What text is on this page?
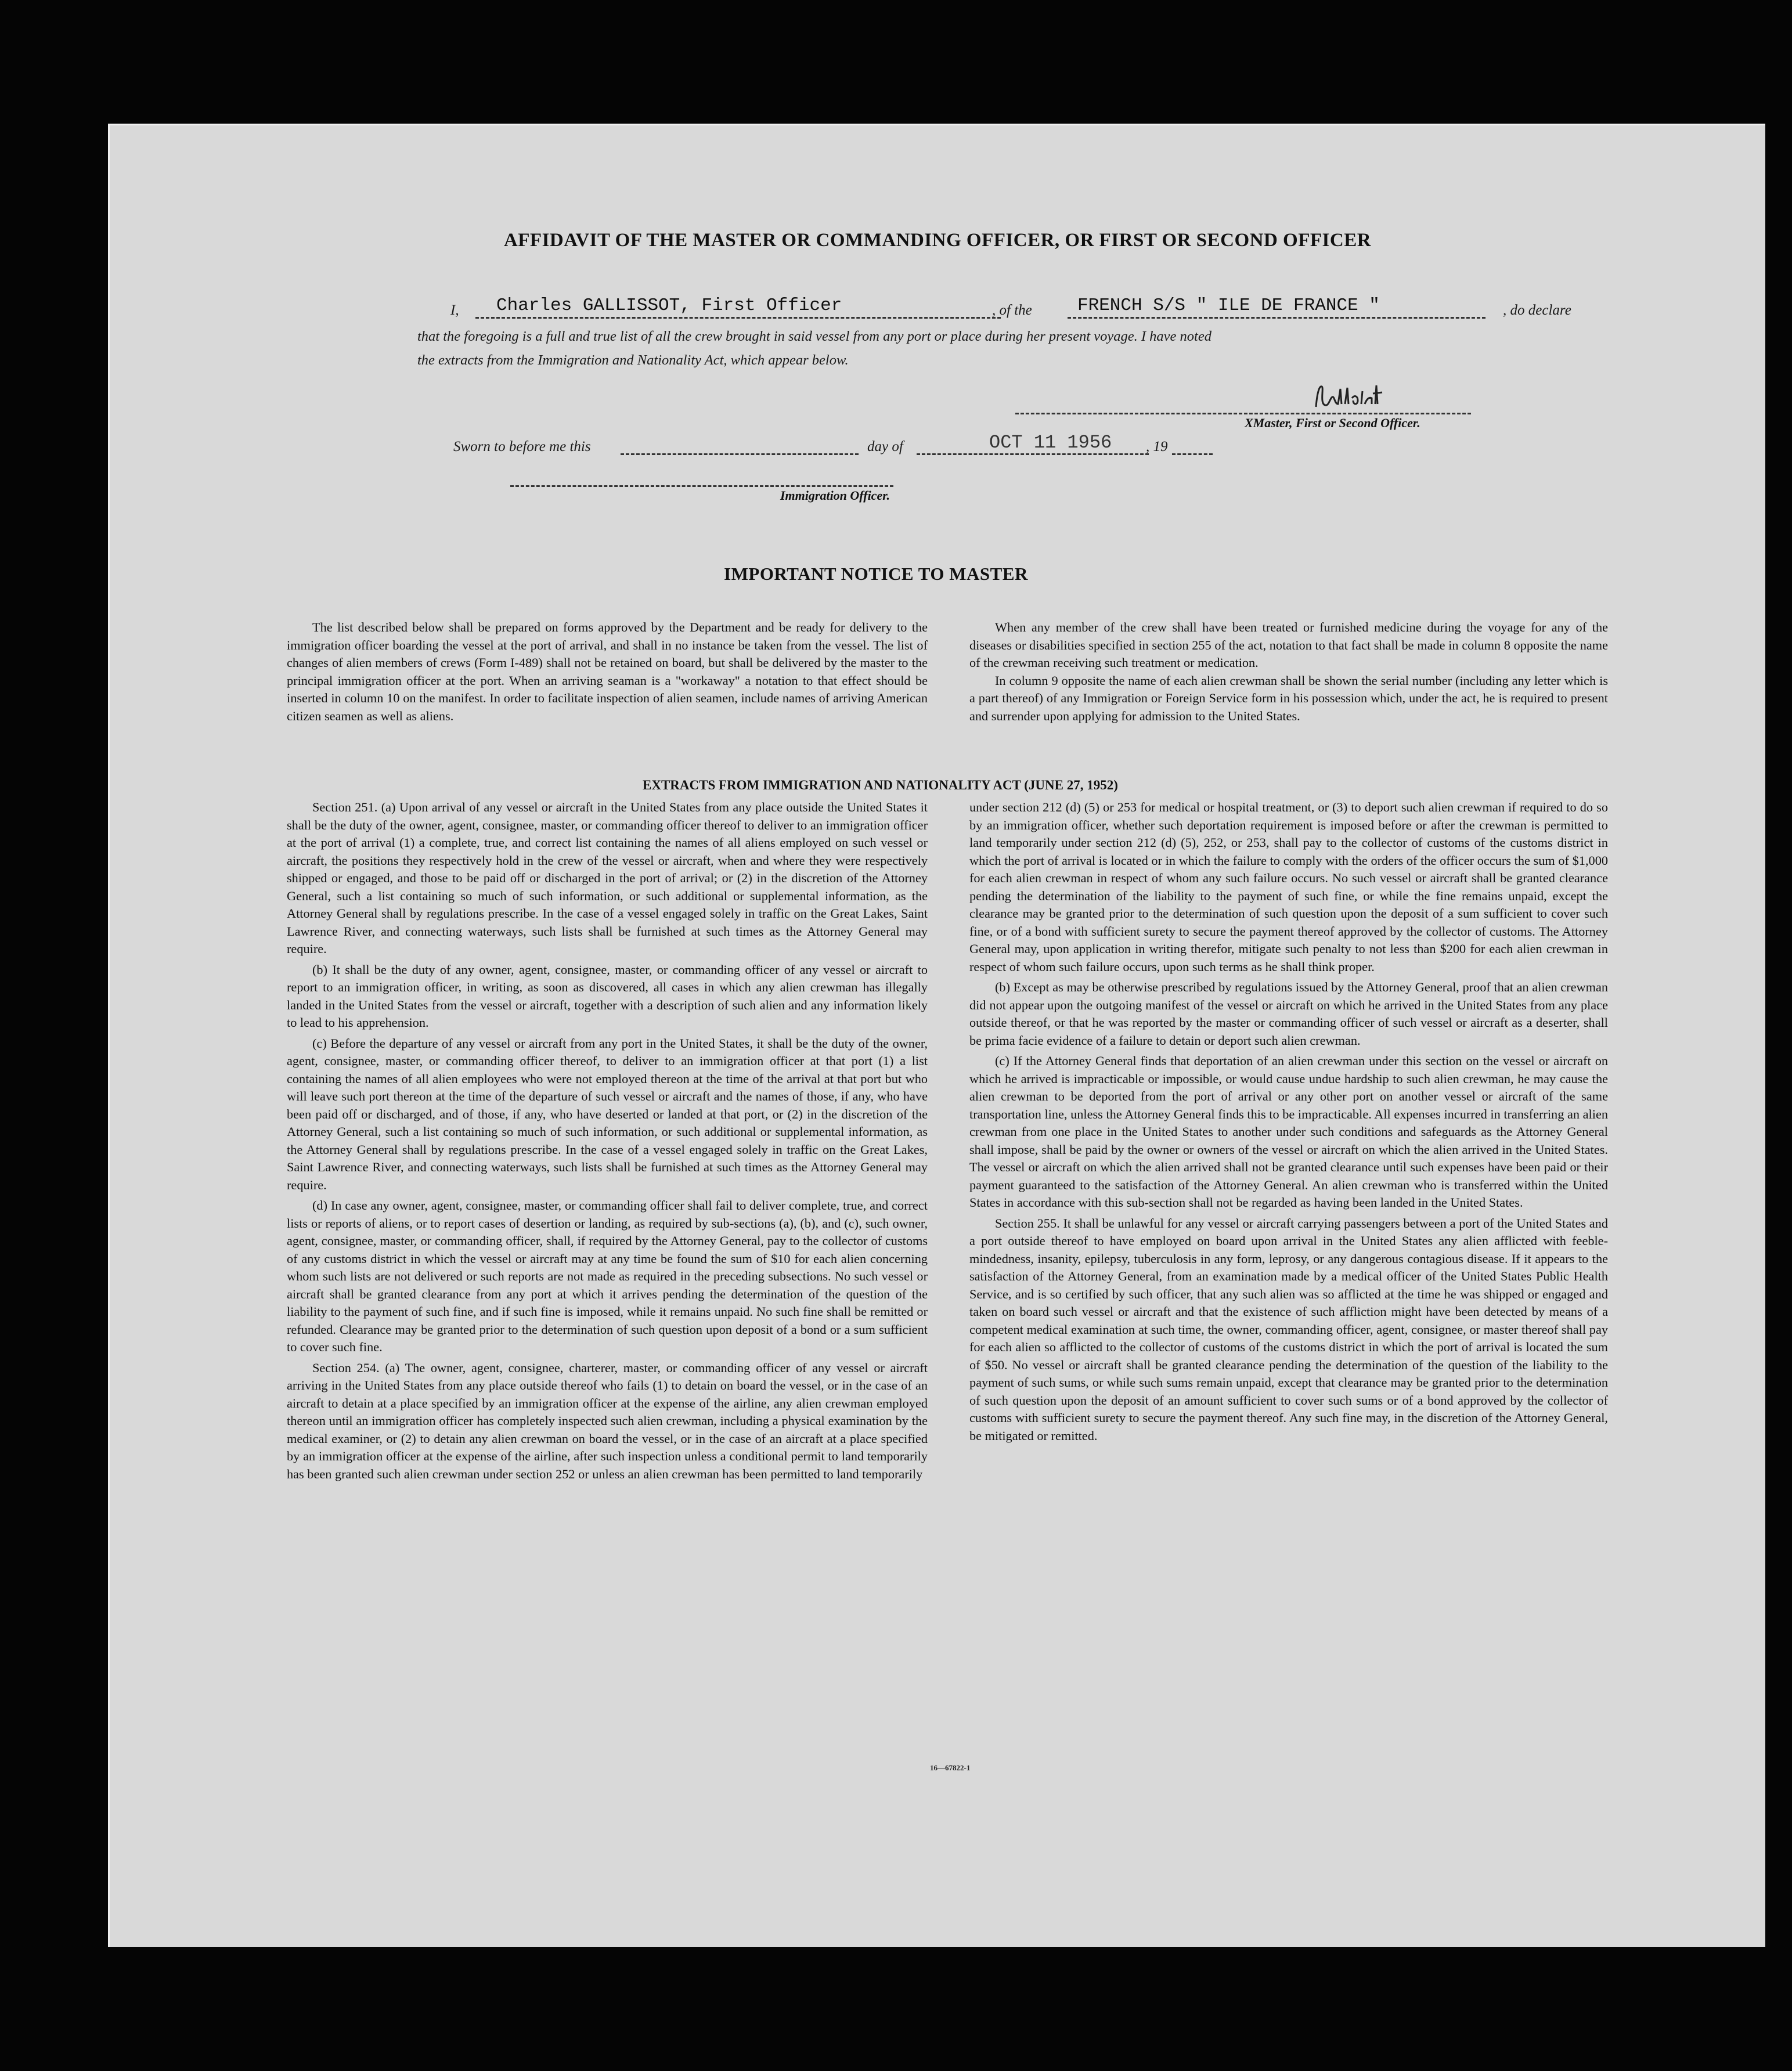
AFFIDAVIT OF THE MASTER OR COMMANDING OFFICER, OR FIRST OR SECOND OFFICER
I, Charles GALLISSOT, First Officer	, of the	FRENCH S/S " ILE DE FRANCE "	, do declare
that the foregoing is a full and true list of all the crew brought in said vessel from any port or place during her present voyage. I have noted
the extracts from the Immigration and Nationality Act, which appear below.
XMaster, First or Second Officer.
Sworn to before me this	day of	OCT 11 1956 , 19
Immigration Officer.
IMPORTANT NOTICE TO MASTER

The list described below shall be prepared on forms approved by the Department and be ready for delivery to the immigration officer boarding the vessel at the port of arrival, and shall in no instance be taken from the vessel. The list of changes of alien members of crews (Form I-489) shall not be retained on board, but shall be delivered by the master to the principal immigration officer at the port. When an arriving seaman is a "workaway" a notation to that effect should be inserted in column 10 on the manifest. In order to facilitate inspection of alien seamen, include names of arriving American citizen seamen as well as aliens.

When any member of the crew shall have been treated or furnished medicine during the voyage for any of the diseases or disabilities specified in section 255 of the act, notation to that fact shall be made in column 8 opposite the name of the crewman receiving such treatment or medication.

In column 9 opposite the name of each alien crewman shall be shown the serial number (including any letter which is a part thereof) of any Immigration or Foreign Service form in his possession which, under the act, he is required to present and surrender upon applying for admission to the United States.

EXTRACTS FROM IMMIGRATION AND NATIONALITY ACT (JUNE 27, 1952)

Section 251. (a) Upon arrival of any vessel or aircraft in the United States from any place outside the United States it shall be the duty of the owner, agent, consignee, master, or commanding officer thereof to deliver to an immigration officer at the port of arrival (1) a complete, true, and correct list containing the names of all aliens employed on such vessel or aircraft, the positions they respectively hold in the crew of the vessel or aircraft, when and where they were respectively shipped or engaged, and those to be paid off or discharged in the port of arrival; or (2) in the discretion of the Attorney General, such a list containing so much of such information, or such additional or supplemental information, as the Attorney General shall by regulations prescribe. In the case of a vessel engaged solely in traffic on the Great Lakes, Saint Lawrence River, and connecting waterways, such lists shall be furnished at such times as the Attorney General may require.

(b) It shall be the duty of any owner, agent, consignee, master, or commanding officer of any vessel or aircraft to report to an immigration officer, in writing, as soon as discovered, all cases in which any alien crewman has illegally landed in the United States from the vessel or aircraft, together with a description of such alien and any information likely to lead to his apprehension.

(c) Before the departure of any vessel or aircraft from any port in the United States, it shall be the duty of the owner, agent, consignee, master, or commanding officer thereof, to deliver to an immigration officer at that port (1) a list containing the names of all alien employees who were not employed thereon at the time of the arrival at that port but who will leave such port thereon at the time of the departure of such vessel or aircraft and the names of those, if any, who have been paid off or discharged, and of those, if any, who have deserted or landed at that port, or (2) in the discretion of the Attorney General, such a list containing so much of such information, or such additional or supplemental information, as the Attorney General shall by regulations prescribe. In the case of a vessel engaged solely in traffic on the Great Lakes, Saint Lawrence River, and connecting waterways, such lists shall be furnished at such times as the Attorney General may require.

(d) In case any owner, agent, consignee, master, or commanding officer shall fail to deliver complete, true, and correct lists or reports of aliens, or to report cases of desertion or landing, as required by sub-sections (a), (b), and (c), such owner, agent, consignee, master, or commanding officer, shall, if required by the Attorney General, pay to the collector of customs of any customs district in which the vessel or aircraft may at any time be found the sum of $10 for each alien concerning whom such lists are not delivered or such reports are not made as required in the preceding subsections. No such vessel or aircraft shall be granted clearance from any port at which it arrives pending the determination of the question of the liability to the payment of such fine, and if such fine is imposed, while it remains unpaid. No such fine shall be remitted or refunded. Clearance may be granted prior to the determination of such question upon deposit of a bond or a sum sufficient to cover such fine.

Section 254. (a) The owner, agent, consignee, charterer, master, or commanding officer of any vessel or aircraft arriving in the United States from any place outside thereof who fails (1) to detain on board the vessel, or in the case of an aircraft to detain at a place specified by an immigration officer at the expense of the airline, any alien crewman employed thereon until an immigration officer has completely inspected such alien crewman, including a physical examination by the medical examiner, or (2) to detain any alien crewman on board the vessel, or in the case of an aircraft at a place specified by an immigration officer at the expense of the airline, after such inspection unless a conditional permit to land temporarily has been granted such alien crewman under section 252 or unless an alien crewman has been permitted to land temporarily

under section 212 (d) (5) or 253 for medical or hospital treatment, or (3) to deport such alien crewman if required to do so by an immigration officer, whether such deportation requirement is imposed before or after the crewman is permitted to land temporarily under section 212 (d) (5), 252, or 253, shall pay to the collector of customs of the customs district in which the port of arrival is located or in which the failure to comply with the orders of the officer occurs the sum of $1,000 for each alien crewman in respect of whom any such failure occurs. No such vessel or aircraft shall be granted clearance pending the determination of the liability to the payment of such fine, or while the fine remains unpaid, except the clearance may be granted prior to the determination of such question upon the deposit of a sum sufficient to cover such fine, or of a bond with sufficient surety to secure the payment thereof approved by the collector of customs. The Attorney General may, upon application in writing therefor, mitigate such penalty to not less than $200 for each alien crewman in respect of whom such failure occurs, upon such terms as he shall think proper.

(b) Except as may be otherwise prescribed by regulations issued by the Attorney General, proof that an alien crewman did not appear upon the outgoing manifest of the vessel or aircraft on which he arrived in the United States from any place outside thereof, or that he was reported by the master or commanding officer of such vessel or aircraft as a deserter, shall be prima facie evidence of a failure to detain or deport such alien crewman.

(c) If the Attorney General finds that deportation of an alien crewman under this section on the vessel or aircraft on which he arrived is impracticable or impossible, or would cause undue hardship to such alien crewman, he may cause the alien crewman to be deported from the port of arrival or any other port on another vessel or aircraft of the same transportation line, unless the Attorney General finds this to be impracticable. All expenses incurred in transferring an alien crewman from one place in the United States to another under such conditions and safeguards as the Attorney General shall impose, shall be paid by the owner or owners of the vessel or aircraft on which the alien arrived in the United States. The vessel or aircraft on which the alien arrived shall not be granted clearance until such expenses have been paid or their payment guaranteed to the satisfaction of the Attorney General. An alien crewman who is transferred within the United States in accordance with this sub-section shall not be regarded as having been landed in the United States.

Section 255. It shall be unlawful for any vessel or aircraft carrying passengers between a port of the United States and a port outside thereof to have employed on board upon arrival in the United States any alien afflicted with feeble-mindedness, insanity, epilepsy, tuberculosis in any form, leprosy, or any dangerous contagious disease. If it appears to the satisfaction of the Attorney General, from an examination made by a medical officer of the United States Public Health Service, and is so certified by such officer, that any such alien was so afflicted at the time he was shipped or engaged and taken on board such vessel or aircraft and that the existence of such affliction might have been detected by means of a competent medical examination at such time, the owner, commanding officer, agent, consignee, or master thereof shall pay for each alien so afflicted to the collector of customs of the customs district in which the port of arrival is located the sum of $50. No vessel or aircraft shall be granted clearance pending the determination of the question of the liability to the payment of such sums, or while such sums remain unpaid, except that clearance may be granted prior to the determination of such question upon the deposit of an amount sufficient to cover such sums or of a bond approved by the collector of customs with sufficient surety to secure the payment thereof. Any such fine may, in the discretion of the Attorney General, be mitigated or remitted.

16—67822-1
